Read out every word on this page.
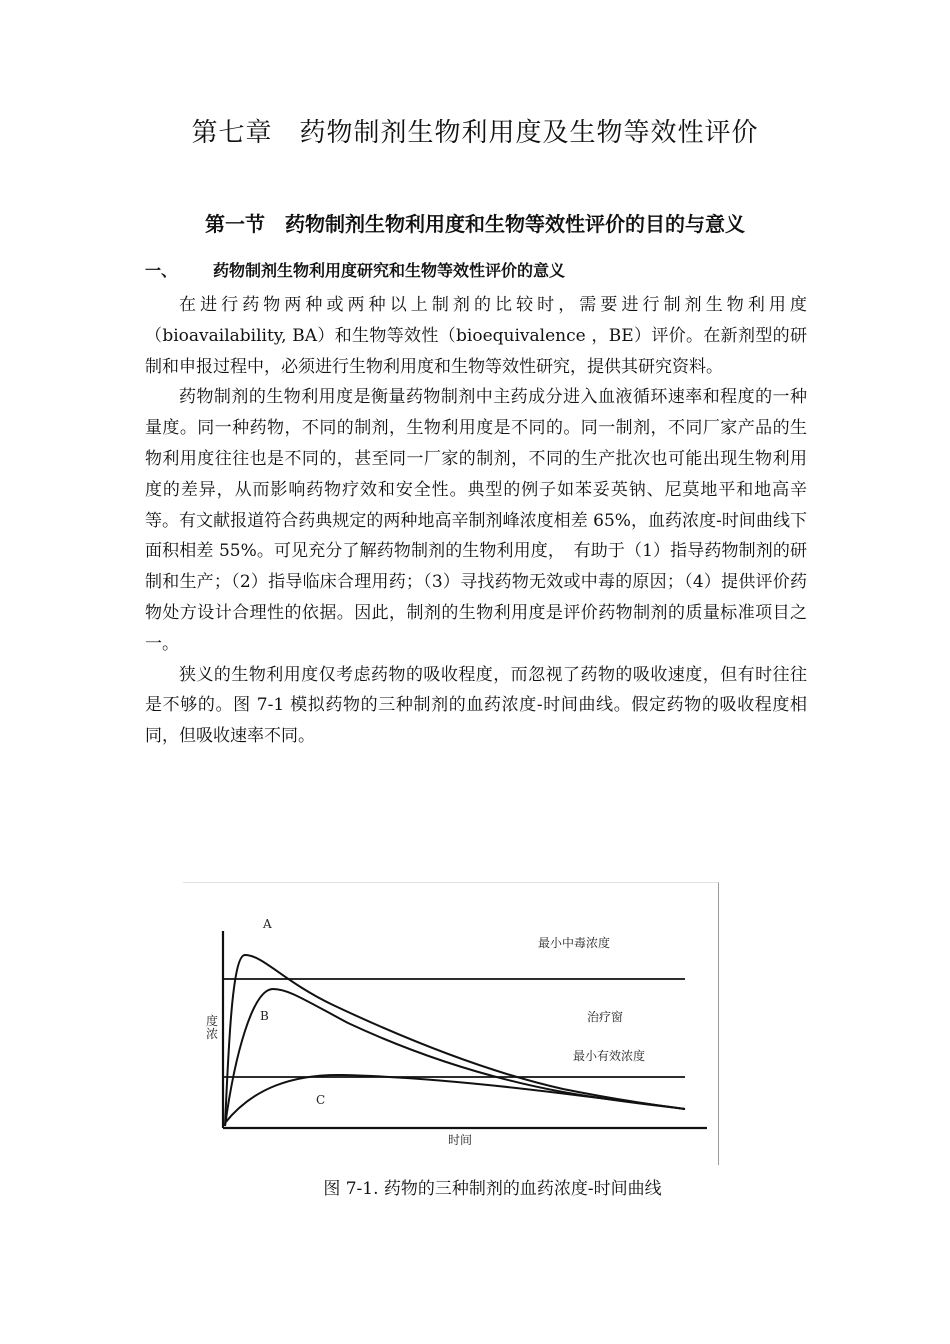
第七章　药物制剂生物利用度及生物等效性评价
第一节　药物制剂生物利用度和生物等效性评价的目的与意义
一、 药物制剂生物利用度研究和生物等效性评价的意义

在进行药物两种或两种以上制剂的比较时，需要进行制剂生物利用度（bioavailability, BA）和生物等效性（bioequivalence ，BE）评价。在新剂型的研制和申报过程中，必须进行生物利用度和生物等效性研究，提供其研究资料。

药物制剂的生物利用度是衡量药物制剂中主药成分进入血液循环速率和程度的一种量度。同一种药物，不同的制剂，生物利用度是不同的。同一制剂，不同厂家产品的生物利用度往往也是不同的，甚至同一厂家的制剂，不同的生产批次也可能出现生物利用度的差异，从而影响药物疗效和安全性。典型的例子如苯妥英钠、尼莫地平和地高辛等。有文献报道符合药典规定的两种地高辛制剂峰浓度相差 65%，血药浓度-时间曲线下面积相差 55%。可见充分了解药物制剂的生物利用度，　有助于（1）指导药物制剂的研制和生产；（2）指导临床合理用药；（3）寻找药物无效或中毒的原因；（4）提供评价药物处方设计合理性的依据。因此，制剂的生物利用度是评价药物制剂的质量标准项目之一。

狭义的生物利用度仅考虑药物的吸收程度，而忽视了药物的吸收速度，但有时往往是不够的。图 7-1 模拟药物的三种制剂的血药浓度-时间曲线。假定药物的吸收程度相同，但吸收速率不同。

A
B
C
最小中毒浓度
治疗窗
最小有效浓度
度浓
时间
图 7-1. 药物的三种制剂的血药浓度-时间曲线
